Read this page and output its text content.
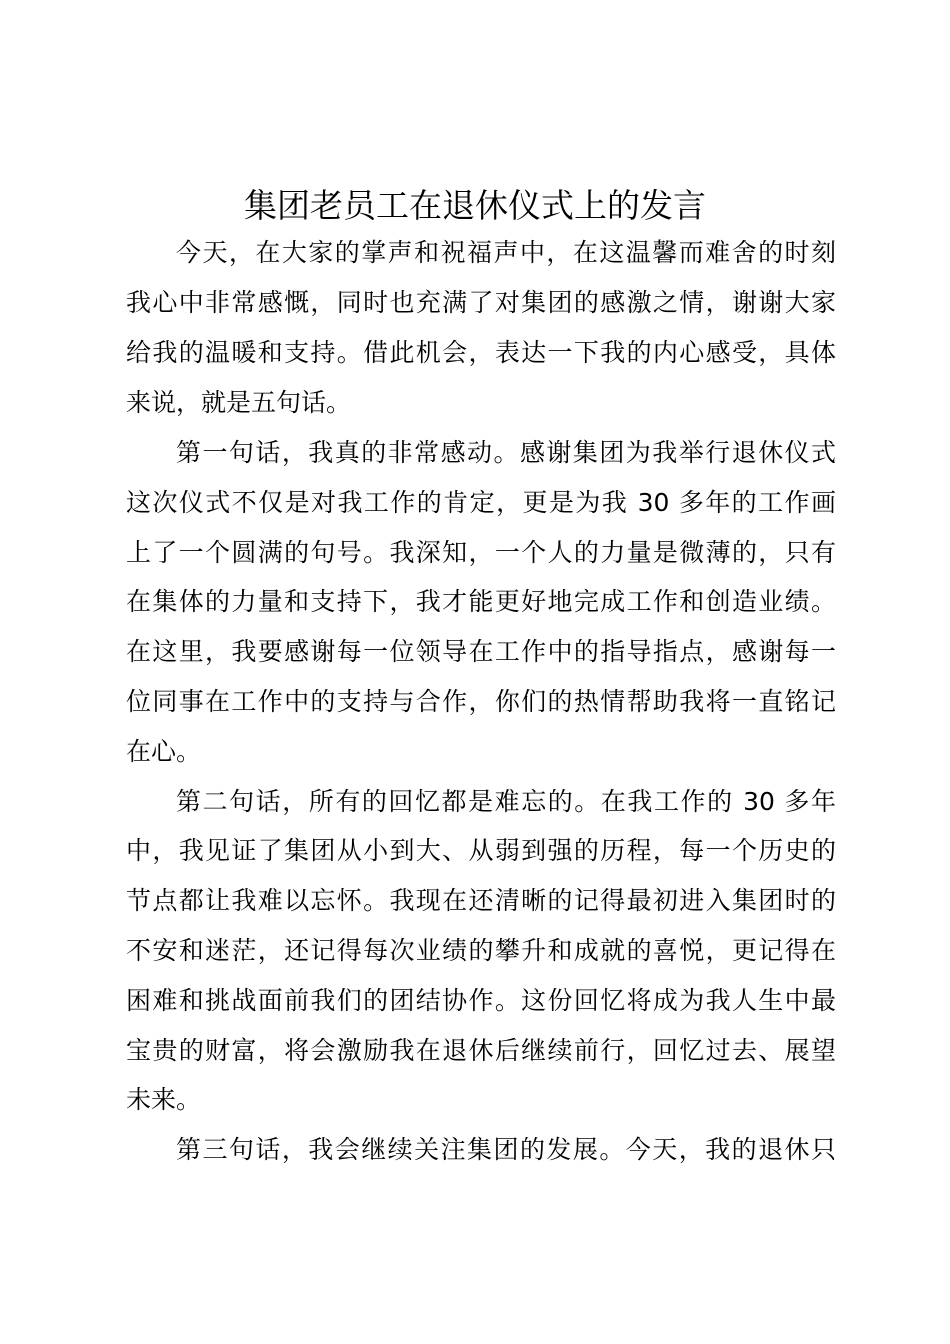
集团老员工在退休仪式上的发言
今天，在大家的掌声和祝福声中，在这温馨而难舍的时刻
我心中非常感慨，同时也充满了对集团的感激之情，谢谢大家
给我的温暖和支持。借此机会，表达一下我的内心感受，具体
来说，就是五句话。
第一句话，我真的非常感动。感谢集团为我举行退休仪式
这次仪式不仅是对我工作的肯定，更是为我 30 多年的工作画
上了一个圆满的句号。我深知，一个人的力量是微薄的，只有
在集体的力量和支持下，我才能更好地完成工作和创造业绩。
在这里，我要感谢每一位领导在工作中的指导指点，感谢每一
位同事在工作中的支持与合作，你们的热情帮助我将一直铭记
在心。
第二句话，所有的回忆都是难忘的。在我工作的 30 多年
中，我见证了集团从小到大、从弱到强的历程，每一个历史的
节点都让我难以忘怀。我现在还清晰的记得最初进入集团时的
不安和迷茫，还记得每次业绩的攀升和成就的喜悦，更记得在
困难和挑战面前我们的团结协作。这份回忆将成为我人生中最
宝贵的财富，将会激励我在退休后继续前行，回忆过去、展望
未来。
第三句话，我会继续关注集团的发展。今天，我的退休只
